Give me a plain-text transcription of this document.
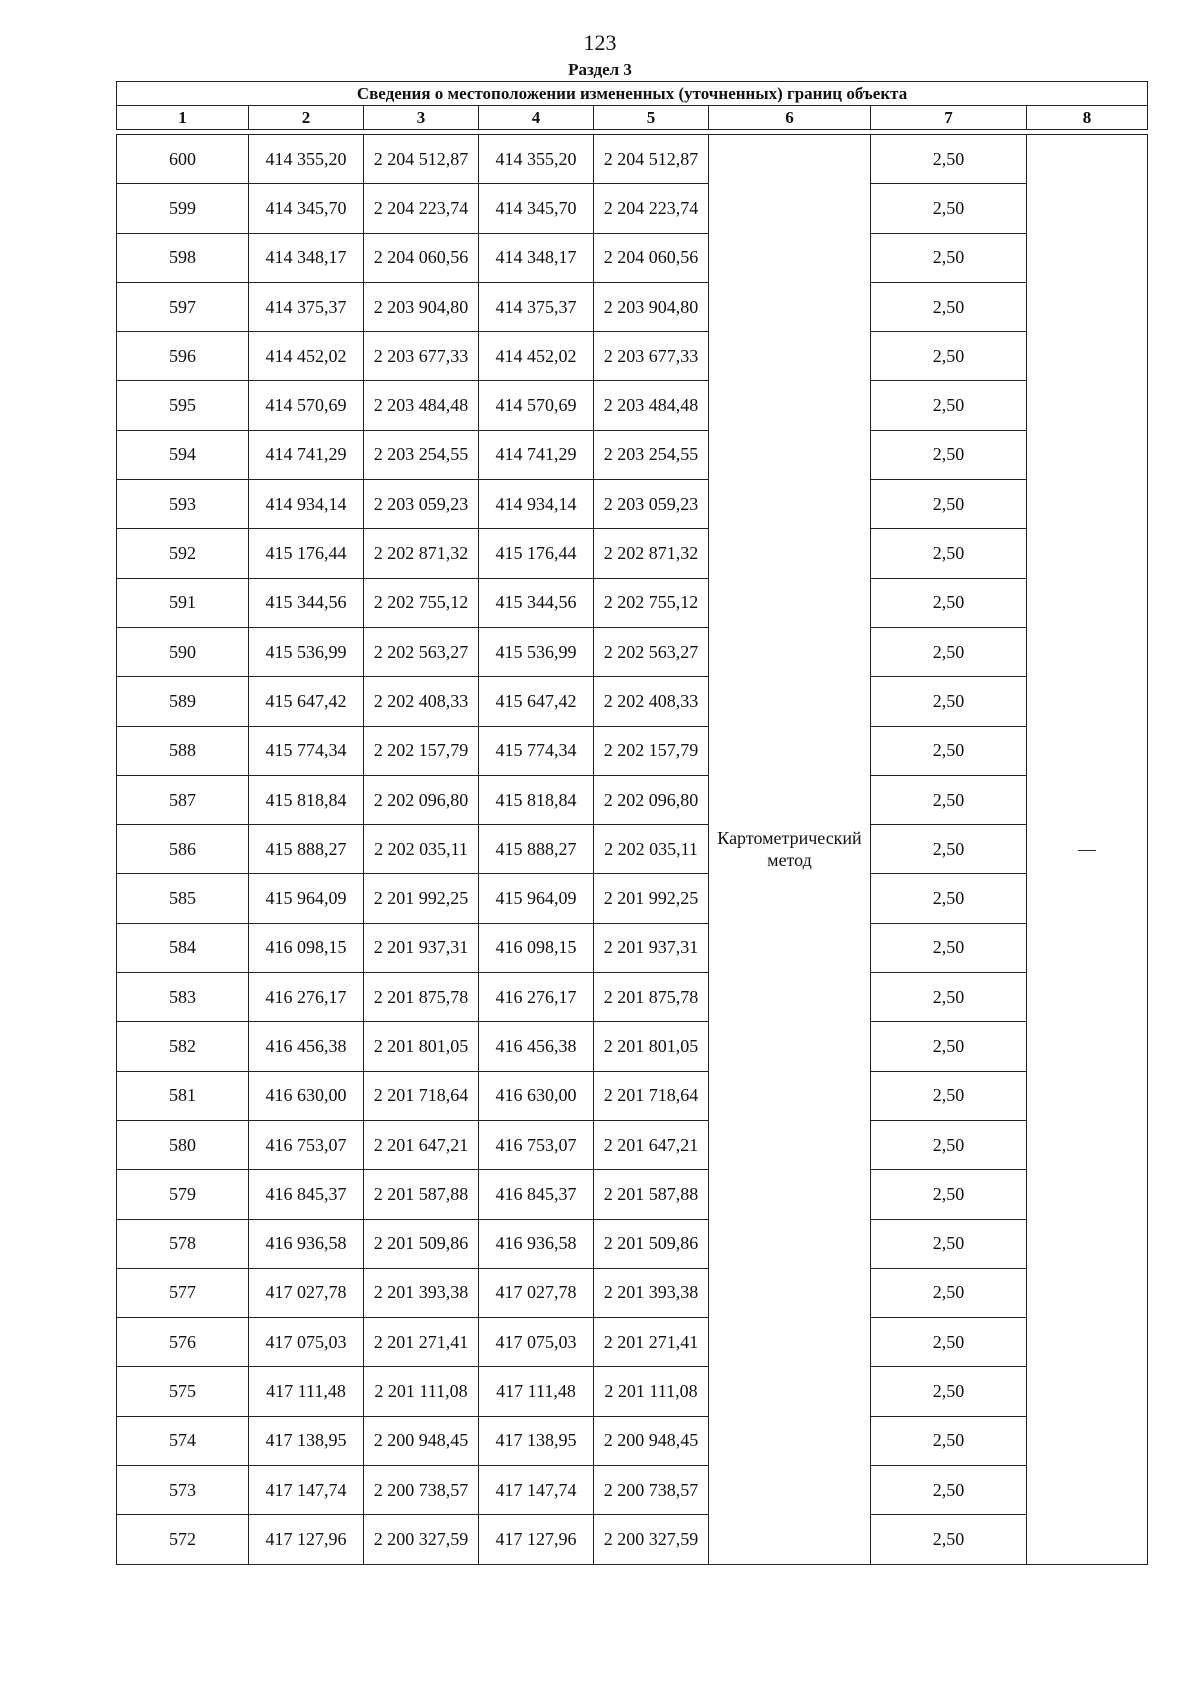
123
Раздел 3
Сведения о местоположении измененных (уточненных) границ объекта
1	2	3	4	5	6	7	8
600	414 355,20	2 204 512,87	414 355,20	2 204 512,87	Картометрический метод	2,50	—
599	414 345,70	2 204 223,74	414 345,70	2 204 223,74		2,50	
598	414 348,17	2 204 060,56	414 348,17	2 204 060,56		2,50	
597	414 375,37	2 203 904,80	414 375,37	2 203 904,80		2,50	
596	414 452,02	2 203 677,33	414 452,02	2 203 677,33		2,50	
595	414 570,69	2 203 484,48	414 570,69	2 203 484,48		2,50	
594	414 741,29	2 203 254,55	414 741,29	2 203 254,55		2,50	
593	414 934,14	2 203 059,23	414 934,14	2 203 059,23		2,50	
592	415 176,44	2 202 871,32	415 176,44	2 202 871,32		2,50	
591	415 344,56	2 202 755,12	415 344,56	2 202 755,12		2,50	
590	415 536,99	2 202 563,27	415 536,99	2 202 563,27		2,50	
589	415 647,42	2 202 408,33	415 647,42	2 202 408,33		2,50	
588	415 774,34	2 202 157,79	415 774,34	2 202 157,79		2,50	
587	415 818,84	2 202 096,80	415 818,84	2 202 096,80		2,50	
586	415 888,27	2 202 035,11	415 888,27	2 202 035,11		2,50	
585	415 964,09	2 201 992,25	415 964,09	2 201 992,25		2,50	
584	416 098,15	2 201 937,31	416 098,15	2 201 937,31		2,50	
583	416 276,17	2 201 875,78	416 276,17	2 201 875,78		2,50	
582	416 456,38	2 201 801,05	416 456,38	2 201 801,05		2,50	
581	416 630,00	2 201 718,64	416 630,00	2 201 718,64		2,50	
580	416 753,07	2 201 647,21	416 753,07	2 201 647,21		2,50	
579	416 845,37	2 201 587,88	416 845,37	2 201 587,88		2,50	
578	416 936,58	2 201 509,86	416 936,58	2 201 509,86		2,50	
577	417 027,78	2 201 393,38	417 027,78	2 201 393,38		2,50	
576	417 075,03	2 201 271,41	417 075,03	2 201 271,41		2,50	
575	417 111,48	2 201 111,08	417 111,48	2 201 111,08		2,50	
574	417 138,95	2 200 948,45	417 138,95	2 200 948,45		2,50	
573	417 147,74	2 200 738,57	417 147,74	2 200 738,57		2,50	
572	417 127,96	2 200 327,59	417 127,96	2 200 327,59		2,50	
